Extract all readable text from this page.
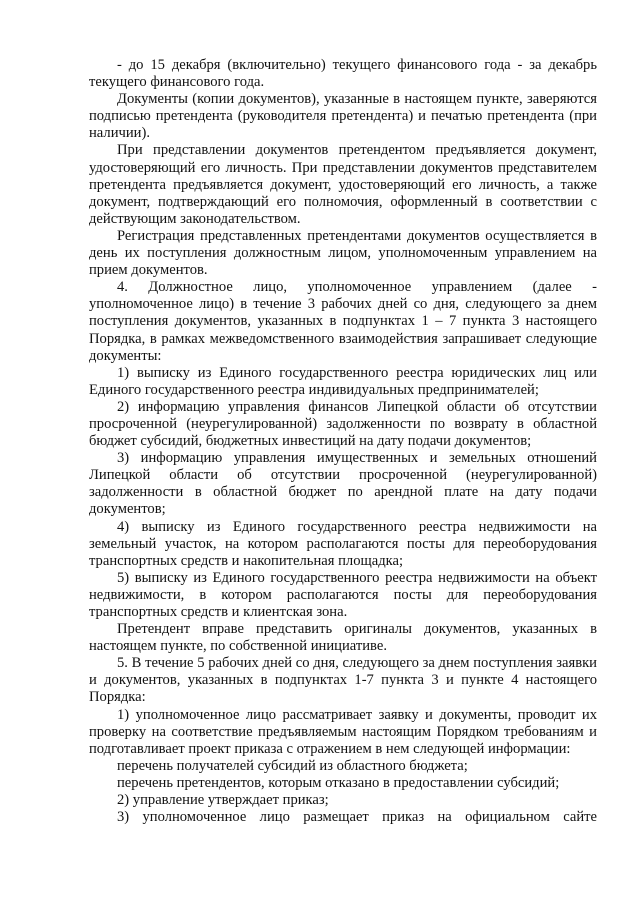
- до 15 декабря (включительно) текущего финансового года - за декабрь текущего финансового года.

Документы (копии документов), указанные в настоящем пункте, заверяются подписью претендента (руководителя претендента) и печатью претендента (при наличии).

При представлении документов претендентом предъявляется документ, удостоверяющий его личность. При представлении документов представителем претендента предъявляется документ, удостоверяющий его личность, а также документ, подтверждающий его полномочия, оформленный в соответствии с действующим законодательством.

Регистрация представленных претендентами документов осуществляется в день их поступления должностным лицом, уполномоченным управлением на прием документов.

4. Должностное лицо, уполномоченное управлением (далее - уполномоченное лицо) в течение 3 рабочих дней со дня, следующего за днем поступления документов, указанных в подпунктах 1 – 7 пункта 3 настоящего Порядка, в рамках межведомственного взаимодействия запрашивает следующие документы:

1) выписку из Единого государственного реестра юридических лиц или Единого государственного реестра индивидуальных предпринимателей;

2) информацию управления финансов Липецкой области об отсутствии просроченной (неурегулированной) задолженности по возврату в областной бюджет субсидий, бюджетных инвестиций на дату подачи документов;

3) информацию управления имущественных и земельных отношений Липецкой области об отсутствии просроченной (неурегулированной) задолженности в областной бюджет по арендной плате на дату подачи документов;

4) выписку из Единого государственного реестра недвижимости на земельный участок, на котором располагаются посты для переоборудования транспортных средств и накопительная площадка;

5) выписку из Единого государственного реестра недвижимости на объект недвижимости, в котором располагаются посты для переоборудования транспортных средств и клиентская зона.

Претендент вправе представить оригиналы документов, указанных в настоящем пункте, по собственной инициативе.

5. В течение 5 рабочих дней со дня, следующего за днем поступления заявки и документов, указанных в подпунктах 1-7 пункта 3 и пункте 4 настоящего Порядка:

1) уполномоченное лицо рассматривает заявку и документы, проводит их проверку на соответствие предъявляемым настоящим Порядком требованиям и подготавливает проект приказа с отражением в нем следующей информации:

перечень получателей субсидий из областного бюджета;

перечень претендентов, которым отказано в предоставлении субсидий;

2) управление утверждает приказ;

3) уполномоченное лицо размещает приказ на официальном сайте
